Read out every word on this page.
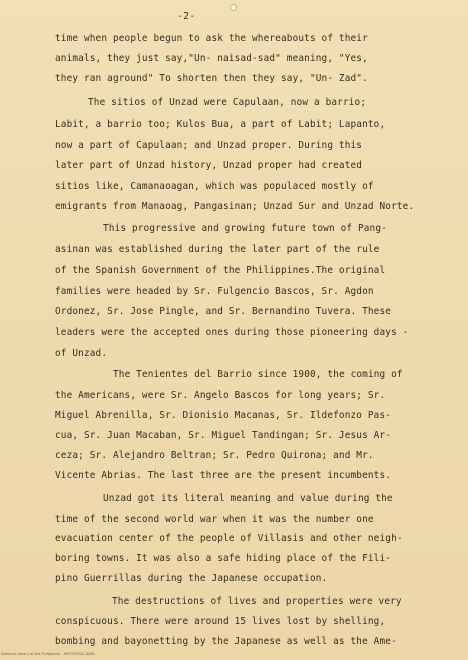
-2-
time when people begun to ask the whereabouts of their
animals, they just say,"Un- naisad-sad" meaning, "Yes,
they ran aground" To shorten then they say, "Un- Zad".
The sitios of Unzad were Capulaan, now a barrio;
Labit, a barrio too; Kulos Bua, a part of Labit; Lapanto,
now a part of Capulaan; and Unzad proper. During this
later part of Unzad history, Unzad proper had created
sitios like, Camanaoagan, which was populaced mostly of
emigrants from Manaoag, Pangasinan; Unzad Sur and Unzad Norte.
This progressive and growing future town of Pang-
asinan was established during the later part of the rule
of the Spanish Government of the Philippines.The original
families were headed by Sr. Fulgencio Bascos, Sr. Agdon
Ordonez, Sr. Jose Pingle, and Sr. Bernandino Tuvera. These
leaders were the accepted ones during those pioneering days -
of Unzad.
The Tenientes del Barrio since 1900, the coming of
the Americans, were Sr. Angelo Bascos for long years; Sr.
Miguel Abrenilla, Sr. Dionisio Macanas, Sr. Ildefonzo Pas-
cua, Sr. Juan Macaban, Sr. Miguel Tandingan; Sr. Jesus Ar-
ceza; Sr. Alejandro Beltran; Sr. Pedro Quirona; and Mr.
Vicente Abrias. The last three are the present incumbents.
Unzad got its literal meaning and value during the
time of the second world war when it was the number one
evacuation center of the people of Villasis and other neigh-
boring towns. It was also a safe hiding place of the Fili-
pino Guerrillas during the Japanese occupation.
The destructions of lives and properties were very
conspicuous. There were around 15 lives lost by shelling,
bombing and bayonetting by the Japanese as well as the Ame-
National Library of the Philippines   HISTORICAL DATA
